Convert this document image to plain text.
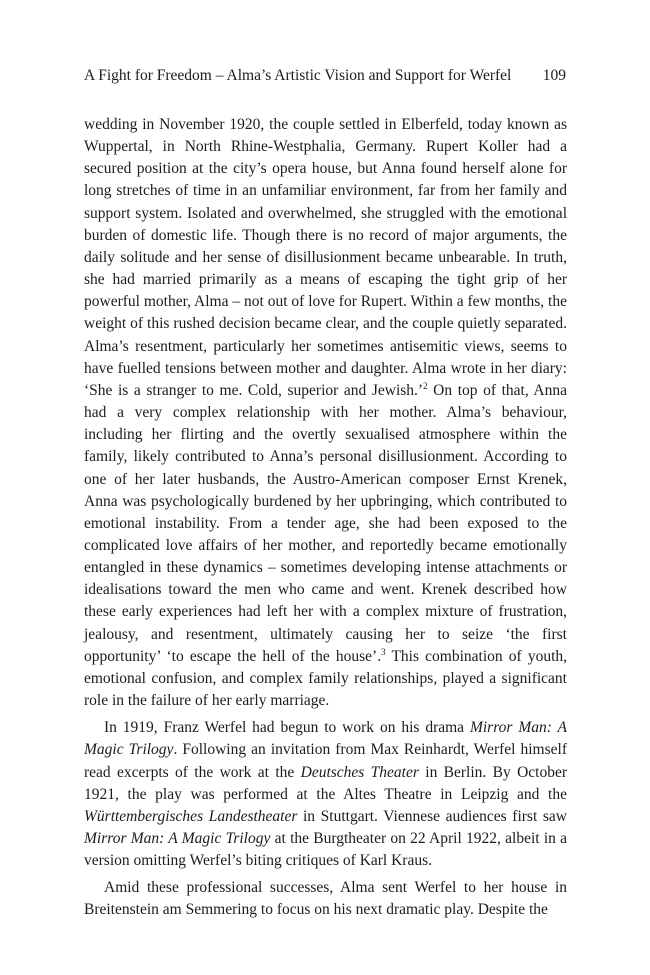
A Fight for Freedom – Alma’s Artistic Vision and Support for Werfel 109

wedding in November 1920, the couple settled in Elberfeld, today known as Wuppertal, in North Rhine-Westphalia, Germany. Rupert Koller had a secured position at the city’s opera house, but Anna found herself alone for long stretches of time in an unfamiliar environment, far from her family and support system. Isolated and overwhelmed, she struggled with the emotional burden of domestic life. Though there is no record of major arguments, the daily solitude and her sense of disillusionment became unbearable. In truth, she had married primarily as a means of escaping the tight grip of her powerful mother, Alma – not out of love for Rupert. Within a few months, the weight of this rushed decision became clear, and the couple quietly separated. Alma’s resentment, particularly her sometimes antisemitic views, seems to have fuelled tensions between mother and daughter. Alma wrote in her diary: ‘She is a stranger to me. Cold, superior and Jewish.’$^2$ On top of that, Anna had a very complex relationship with her mother. Alma’s behaviour, including her flirting and the overtly sexualised atmosphere within the family, likely contributed to Anna’s personal disillusionment. According to one of her later husbands, the Austro-American composer Ernst Krenek, Anna was psychologically burdened by her upbringing, which contributed to emotional instability. From a tender age, she had been exposed to the complicated love affairs of her mother, and reportedly became emotionally entangled in these dynamics – sometimes developing intense attachments or idealisations toward the men who came and went. Krenek described how these early experiences had left her with a complex mixture of frustration, jealousy, and resentment, ultimately causing her to seize ‘the first opportunity’ ‘to escape the hell of the house’.$^3$ This combination of youth, emotional confusion, and complex family relationships, played a significant role in the failure of her early marriage.

In 1919, Franz Werfel had begun to work on his drama Mirror Man: A Magic Trilogy. Following an invitation from Max Reinhardt, Werfel himself read excerpts of the work at the Deutsches Theater in Berlin. By October 1921, the play was performed at the Altes Theatre in Leipzig and the Württembergisches Landestheater in Stuttgart. Viennese audiences first saw Mirror Man: A Magic Trilogy at the Burgtheater on 22 April 1922, albeit in a version omitting Werfel’s biting critiques of Karl Kraus.

Amid these professional successes, Alma sent Werfel to her house in Breitenstein am Semmering to focus on his next dramatic play. Despite the
